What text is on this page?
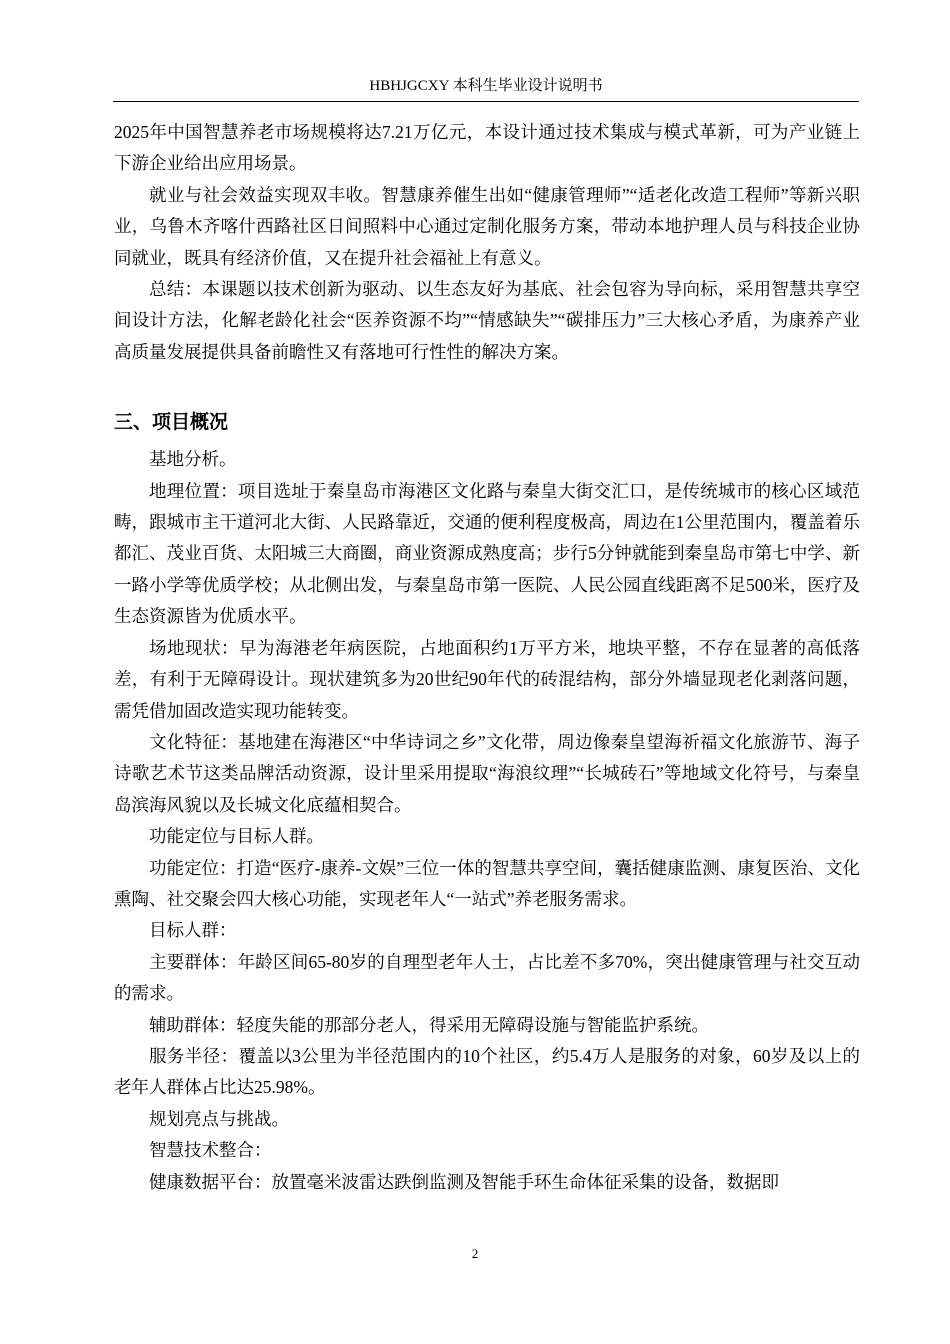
HBHJGCXY 本科生毕业设计说明书

2025年中国智慧养老市场规模将达7.21万亿元，本设计通过技术集成与模式革新，可为产业链上下游企业给出应用场景。

就业与社会效益实现双丰收。智慧康养催生出如“健康管理师”“适老化改造工程师”等新兴职业，乌鲁木齐喀什西路社区日间照料中心通过定制化服务方案，带动本地护理人员与科技企业协同就业，既具有经济价值，又在提升社会福祉上有意义。

总结：本课题以技术创新为驱动、以生态友好为基底、社会包容为导向标，采用智慧共享空间设计方法，化解老龄化社会“医养资源不均”“情感缺失”“碳排压力”三大核心矛盾，为康养产业高质量发展提供具备前瞻性又有落地可行性性的解决方案。

三、项目概况

基地分析。

地理位置：项目选址于秦皇岛市海港区文化路与秦皇大街交汇口，是传统城市的核心区域范畴，跟城市主干道河北大街、人民路靠近，交通的便利程度极高，周边在1公里范围内，覆盖着乐都汇、茂业百货、太阳城三大商圈，商业资源成熟度高；步行5分钟就能到秦皇岛市第七中学、新一路小学等优质学校；从北侧出发，与秦皇岛市第一医院、人民公园直线距离不足500米，医疗及生态资源皆为优质水平。

场地现状：早为海港老年病医院，占地面积约1万平方米，地块平整，不存在显著的高低落差，有利于无障碍设计。现状建筑多为20世纪90年代的砖混结构，部分外墙显现老化剥落问题，需凭借加固改造实现功能转变。

文化特征：基地建在海港区“中华诗词之乡”文化带，周边像秦皇望海祈福文化旅游节、海子诗歌艺术节这类品牌活动资源，设计里采用提取“海浪纹理”“长城砖石”等地域文化符号，与秦皇岛滨海风貌以及长城文化底蕴相契合。

功能定位与目标人群。

功能定位：打造“医疗-康养-文娱”三位一体的智慧共享空间，囊括健康监测、康复医治、文化熏陶、社交聚会四大核心功能，实现老年人“一站式”养老服务需求。

目标人群：

主要群体：年龄区间65-80岁的自理型老年人士，占比差不多70%，突出健康管理与社交互动的需求。

辅助群体：轻度失能的那部分老人，得采用无障碍设施与智能监护系统。

服务半径：覆盖以3公里为半径范围内的10个社区，约5.4万人是服务的对象，60岁及以上的老年人群体占比达25.98%。

规划亮点与挑战。

智慧技术整合：

健康数据平台：放置毫米波雷达跌倒监测及智能手环生命体征采集的设备，数据即

2
